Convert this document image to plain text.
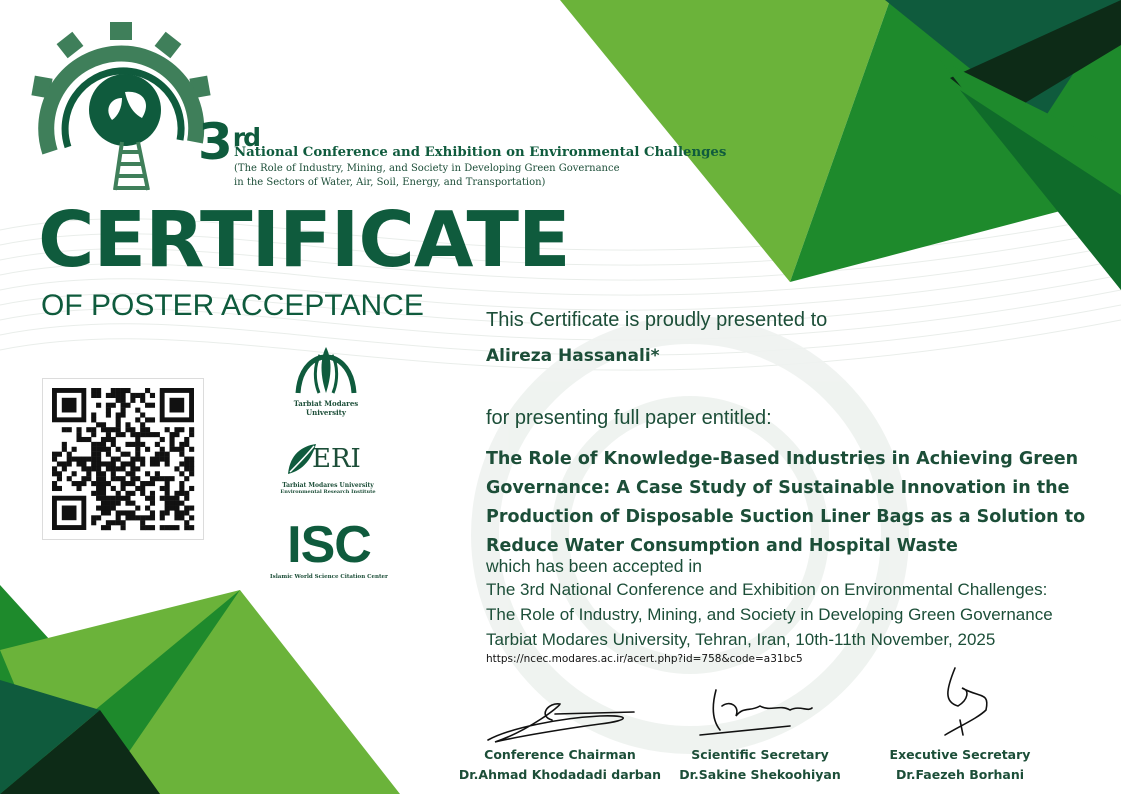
3rd
National Conference and Exhibition on Environmental Challenges
(The Role of Industry, Mining, and Society in Developing Green Governance
in the Sectors of Water, Air, Soil, Energy, and Transportation)
CERTIFICATE
OF POSTER ACCEPTANCE
Tarbiat Modares
University
ERI
Tarbiat Modares University
Environmental Research Institute
ISC
Islamic World Science Citation Center
This Certificate is proudly presented to
Alireza Hassanali*
for presenting full paper entitled:
The Role of Knowledge-Based Industries in Achieving Green Governance: A Case Study of Sustainable Innovation in the Production of Disposable Suction Liner Bags as a Solution to Reduce Water Consumption and Hospital Waste
which has been accepted in
The 3rd National Conference and Exhibition on Environmental Challenges:
The Role of Industry, Mining, and Society in Developing Green Governance
Tarbiat Modares University, Tehran, Iran, 10th-11th November, 2025
https://ncec.modares.ac.ir/acert.php?id=758&code=a31bc5
Conference Chairman
Dr.Ahmad Khodadadi darban
Scientific Secretary
Dr.Sakine Shekoohiyan
Executive Secretary
Dr.Faezeh Borhani
